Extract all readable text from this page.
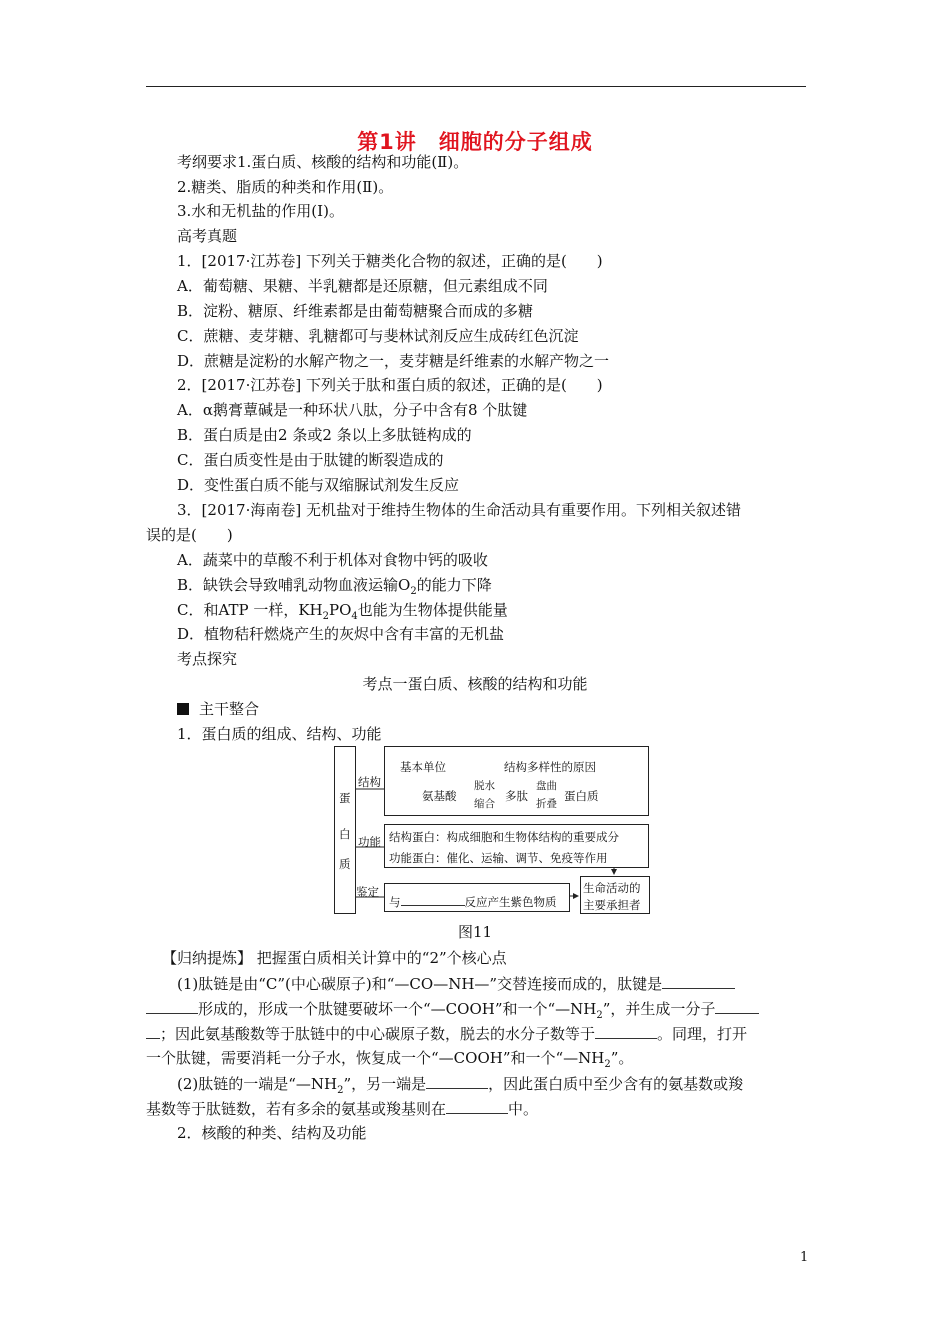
第1讲　细胞的分子组成
考纲要求1.蛋白质、核酸的结构和功能(Ⅱ)。
2.糖类、脂质的种类和作用(Ⅱ)。
3.水和无机盐的作用(Ⅰ)。
高考真题
1．[2017·江苏卷] 下列关于糖类化合物的叙述，正确的是(　　)
A．葡萄糖、果糖、半乳糖都是还原糖，但元素组成不同
B．淀粉、糖原、纤维素都是由葡萄糖聚合而成的多糖
C．蔗糖、麦芽糖、乳糖都可与斐林试剂反应生成砖红色沉淀
D．蔗糖是淀粉的水解产物之一，麦芽糖是纤维素的水解产物之一
2．[2017·江苏卷] 下列关于肽和蛋白质的叙述，正确的是(　　)
A．α鹅膏蕈碱是一种环状八肽，分子中含有8 个肽键
B．蛋白质是由2 条或2 条以上多肽链构成的
C．蛋白质变性是由于肽键的断裂造成的
D．变性蛋白质不能与双缩脲试剂发生反应
3．[2017·海南卷] 无机盐对于维持生物体的生命活动具有重要作用。下列相关叙述错
误的是(　　)
A．蔬菜中的草酸不利于机体对食物中钙的吸收
B．缺铁会导致哺乳动物血液运输$O_2$的能力下降
C．和ATP 一样，$KH_2PO_4$也能为生物体提供能量
D．植物秸秆燃烧产生的灰烬中含有丰富的无机盐
考点探究
考点一蛋白质、核酸的结构和功能
主干整合
1．蛋白质的组成、结构、功能
蛋
白
质
结构
功能
鉴定
基本单位	结构多样性的原因
氨基酸
脱水
缩合
多肽
盘曲
折叠
蛋白质
结构蛋白：构成细胞和生物体结构的重要成分
功能蛋白：催化、运输、调节、免疫等作用
与	反应产生紫色物质
生命活动的
主要承担者
图11
【归纳提炼】 把握蛋白质相关计算中的“2”个核心点
(1)肽链是由“C”(中心碳原子)和“—CO—NH—”交替连接而成的，肽键是
形成的，形成一个肽键要破坏一个“—COOH”和一个“$—NH_2$”，并生成一分子
；因此氨基酸数等于肽链中的中心碳原子数，脱去的水分子数等于	。同理，打开
一个肽键，需要消耗一分子水，恢复成一个“—COOH”和一个“$—NH_2$”。
(2)肽链的一端是“$—NH_2$”，另一端是	，因此蛋白质中至少含有的氨基数或羧
基数等于肽链数，若有多余的氨基或羧基则在	中。
2．核酸的种类、结构及功能
1
